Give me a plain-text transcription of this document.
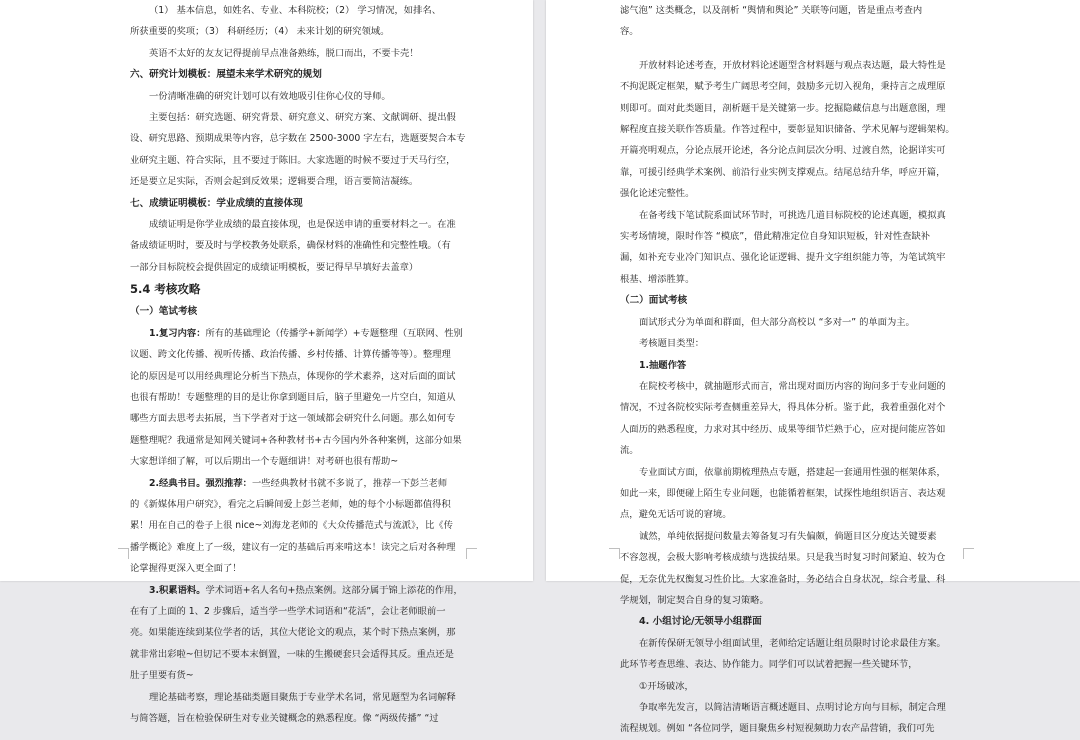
（1） 基本信息，如姓名、专业、本科院校；（2） 学习情况，如排名、
所获重要的奖项；（3） 科研经历；（4） 未来计划的研究领域。
英语不太好的友友记得提前早点准备熟练，脱口而出，不要卡壳！
六、研究计划模板：展望未来学术研究的规划
一份清晰准确的研究计划可以有效地吸引住你心仪的导师。
主要包括：研究选题、研究背景、研究意义、研究方案、文献调研、提出假
设、研究思路、预期成果等内容，总字数在 2500-3000 字左右，选题要契合本专
业研究主题、符合实际，且不要过于陈旧。大家选题的时候不要过于天马行空，
还是要立足实际，否则会起到反效果；逻辑要合理，语言要简洁凝练。
七、成绩证明模板：学业成绩的直接体现
成绩证明是你学业成绩的最直接体现，也是保送申请的重要材料之一。在准
备成绩证明时，要及时与学校教务处联系，确保材料的准确性和完整性哦。（有
一部分目标院校会提供固定的成绩证明模板，要记得早早填好去盖章）
5.4 考核攻略
（一）笔试考核
1.复习内容：所有的基础理论（传播学+新闻学）+专题整理（互联网、性别
议题、跨文化传播、视听传播、政治传播、乡村传播、计算传播等等）。整理理
论的原因是可以用经典理论分析当下热点，体现你的学术素养，这对后面的面试
也很有帮助！专题整理的目的是让你拿到题目后，脑子里避免一片空白，知道从
哪些方面去思考去拓展，当下学者对于这一领域都会研究什么问题。那么如何专
题整理呢？我通常是知网关键词+各种教材书+古今国内外各种案例，这部分如果
大家想详细了解，可以后期出一个专题细讲！对考研也很有帮助~
2.经典书目。强烈推荐：一些经典教材书就不多说了，推荐一下彭兰老师
的《新媒体用户研究》，看完之后瞬间爱上彭兰老师，她的每个小标题都值得积
累！用在自己的卷子上很 nice~刘海龙老师的《大众传播范式与流派》，比《传
播学概论》难度上了一级，建议有一定的基础后再来啃这本！读完之后对各种理
论掌握得更深入更全面了！
3.积累语料。学术词语+名人名句+热点案例。这部分属于锦上添花的作用，
在有了上面的 1、2 步骤后，适当学一些学术词语和“花活”，会让老师眼前一
亮。如果能连续到某位学者的话，其位大佬论文的观点，某个时下热点案例，那
就非常出彩啦~但切记不要本末倒置，一味的生搬硬套只会适得其反。重点还是
肚子里要有货~
理论基础考察，理论基础类题目聚焦于专业学术名词，常见题型为名词解释
与简答题，旨在检验保研生对专业关键概念的熟悉程度。像 “两级传播” “过
滤气泡” 这类概念，以及剖析 “舆情和舆论” 关联等问题，皆是重点考查内
容。
开放材料论述考查，开放材料论述题型含材料题与观点表达题，最大特性是
不拘泥既定框架，赋予考生广阔思考空间，鼓励多元切入视角，秉持言之成理原
则即可。面对此类题目，剖析题干是关键第一步。挖掘隐藏信息与出题意图，理
解程度直接关联作答质量。作答过程中，要彰显知识储备、学术见解与逻辑架构。
开篇亮明观点，分论点展开论述，各分论点间层次分明、过渡自然，论据详实可
靠，可援引经典学术案例、前沿行业实例支撑观点。结尾总结升华，呼应开篇，
强化论述完整性。
在备考线下笔试院系面试环节时，可挑选几道目标院校的论述真题，模拟真
实考场情境，限时作答 “模底”，借此精准定位自身知识短板，针对性查缺补
漏，如补充专业冷门知识点、强化论证逻辑、提升文字组织能力等，为笔试筑牢
根基、增添胜算。
（二）面试考核
面试形式分为单面和群面，但大部分高校以 “多对一” 的单面为主。
考核题目类型：
1.抽题作答
在院校考核中，就抽题形式而言，常出现对面历内容的询问多于专业问题的
情况，不过各院校实际考查侧重差异大，得具体分析。鉴于此，我着重强化对个
人面历的熟悉程度，力求对其中经历、成果等细节烂熟于心，应对提问能应答如
流。
专业面试方面，依靠前期梳理热点专题，搭建起一套通用性强的框架体系，
如此一来，即便碰上陌生专业问题，也能循着框架，试探性地组织语言、表达观
点，避免无话可说的窘境。
诚然，单纯依据提问数量去筹备复习有失偏颇，倘题目区分度达关键要素
不容忽视，会极大影响考核成绩与选拔结果。只是我当时复习时间紧迫、较为仓
促，无奈优先权衡复习性价比。大家准备时，务必结合自身状况，综合考量、科
学规划，制定契合自身的复习策略。
4. 小组讨论/无领导小组群面
在新传保研无领导小组面试里，老师给定话题让组员限时讨论求最佳方案。
此环节考查思维、表达、协作能力。同学们可以试着把握一些关键环节，
①开场破冰，
争取率先发言，以简洁清晰语言概述题目、点明讨论方向与目标，制定合理
流程规划。例如 “各位同学，题目聚焦乡村短视频助力农产品营销，我们可先
